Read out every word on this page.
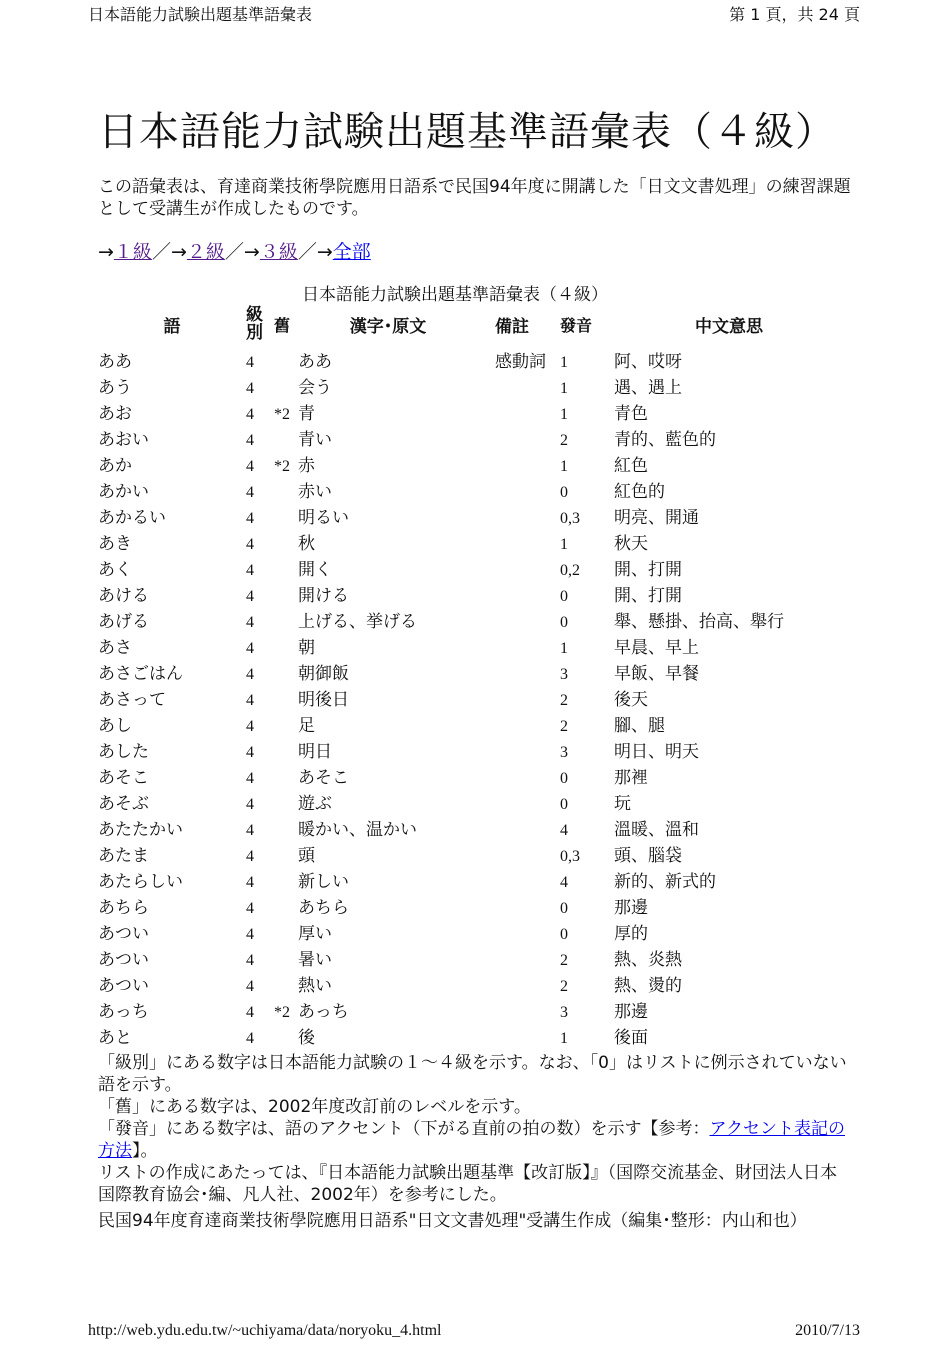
日本語能力試験出題基準語彙表	第 1 頁，共 24 頁
日本語能力試験出題基準語彙表（４級）
この語彙表は、育達商業技術學院應用日語系で民国94年度に開講した「日文文書処理」の練習課題として受講生が作成したものです。
→１級／→２級／→３級／→全部
日本語能力試験出題基準語彙表（４級）
語	級別	舊	漢字･原文	備註	發音	中文意思
ああ	4		ああ	感動詞	1	阿、哎呀
あう	4		会う		1	遇、遇上
あお	4	*2	青		1	青色
あおい	4		青い		2	青的、藍色的
あか	4	*2	赤		1	紅色
あかい	4		赤い		0	紅色的
あかるい	4		明るい		0,3	明亮、開通
あき	4		秋		1	秋天
あく	4		開く		0,2	開、打開
あける	4		開ける		0	開、打開
あげる	4		上げる、挙げる		0	舉、懸掛、抬高、舉行
あさ	4		朝		1	早晨、早上
あさごはん	4		朝御飯		3	早飯、早餐
あさって	4		明後日		2	後天
あし	4		足		2	腳、腿
あした	4		明日		3	明日、明天
あそこ	4		あそこ		0	那裡
あそぶ	4		遊ぶ		0	玩
あたたかい	4		暖かい、温かい		4	溫暖、溫和
あたま	4		頭		0,3	頭、腦袋
あたらしい	4		新しい		4	新的、新式的
あちら	4		あちら		0	那邊
あつい	4		厚い		0	厚的
あつい	4		暑い		2	熱、炎熱
あつい	4		熱い		2	熱、燙的
あっち	4	*2	あっち		3	那邊
あと	4		後		1	後面

「級別」にある数字は日本語能力試験の１～４級を示す。なお、「0」はリストに例示されていない語を示す。

「舊」にある数字は、2002年度改訂前のレベルを示す。

「發音」にある数字は、語のアクセント（下がる直前の拍の数）を示す【参考：アクセント表記の方法】。

リストの作成にあたっては、『日本語能力試験出題基準【改訂版】』（国際交流基金、財団法人日本国際教育協会･編、凡人社、2002年）を参考にした。

民国94年度育達商業技術學院應用日語系"日文文書処理"受講生作成（編集･整形：内山和也）

http://web.ydu.edu.tw/~uchiyama/data/noryoku_4.html	2010/7/13
